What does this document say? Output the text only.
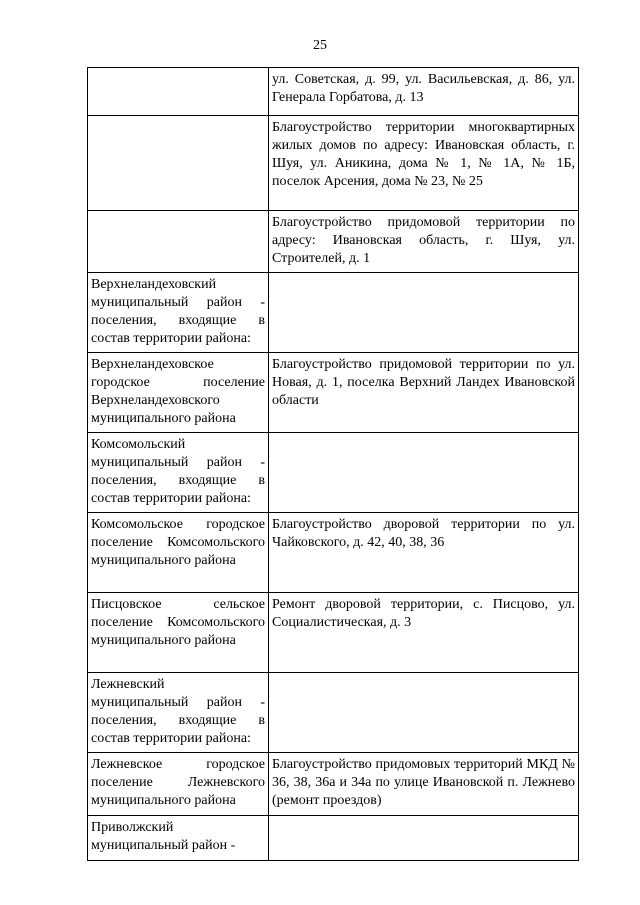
25
	ул. Советская, д. 99, ул. Васильевская, д. 86, ул. Генерала Горбатова, д. 13
	Благоустройство территории многоквартирных жилых домов по адресу: Ивановская область, г. Шуя, ул. Аникина, дома № 1, № 1А, № 1Б, поселок Арсения, дома № 23, № 25
	Благоустройство придомовой территории по адресу: Ивановская область, г. Шуя, ул. Строителей, д. 1
Верхнеландеховский муниципальный район - поселения, входящие в состав территории района:	
Верхнеландеховское городское поселение Верхнеландеховского муниципального района	Благоустройство придомовой территории по ул. Новая, д. 1, поселка Верхний Ландех Ивановской области
Комсомольский муниципальный район - поселения, входящие в состав территории района:	
Комсомольское городское поселение Комсомольского муниципального района	Благоустройство дворовой территории по ул. Чайковского, д. 42, 40, 38, 36
Писцовское сельское поселение Комсомольского муниципального района	Ремонт дворовой территории, с. Писцово, ул. Социалистическая, д. 3
Лежневский муниципальный район - поселения, входящие в состав территории района:	
Лежневское городское поселение Лежневского муниципального района	Благоустройство придомовых территорий МКД № 36, 38, 36а и 34а по улице Ивановской п. Лежнево (ремонт проездов)
Приволжский муниципальный район -	
